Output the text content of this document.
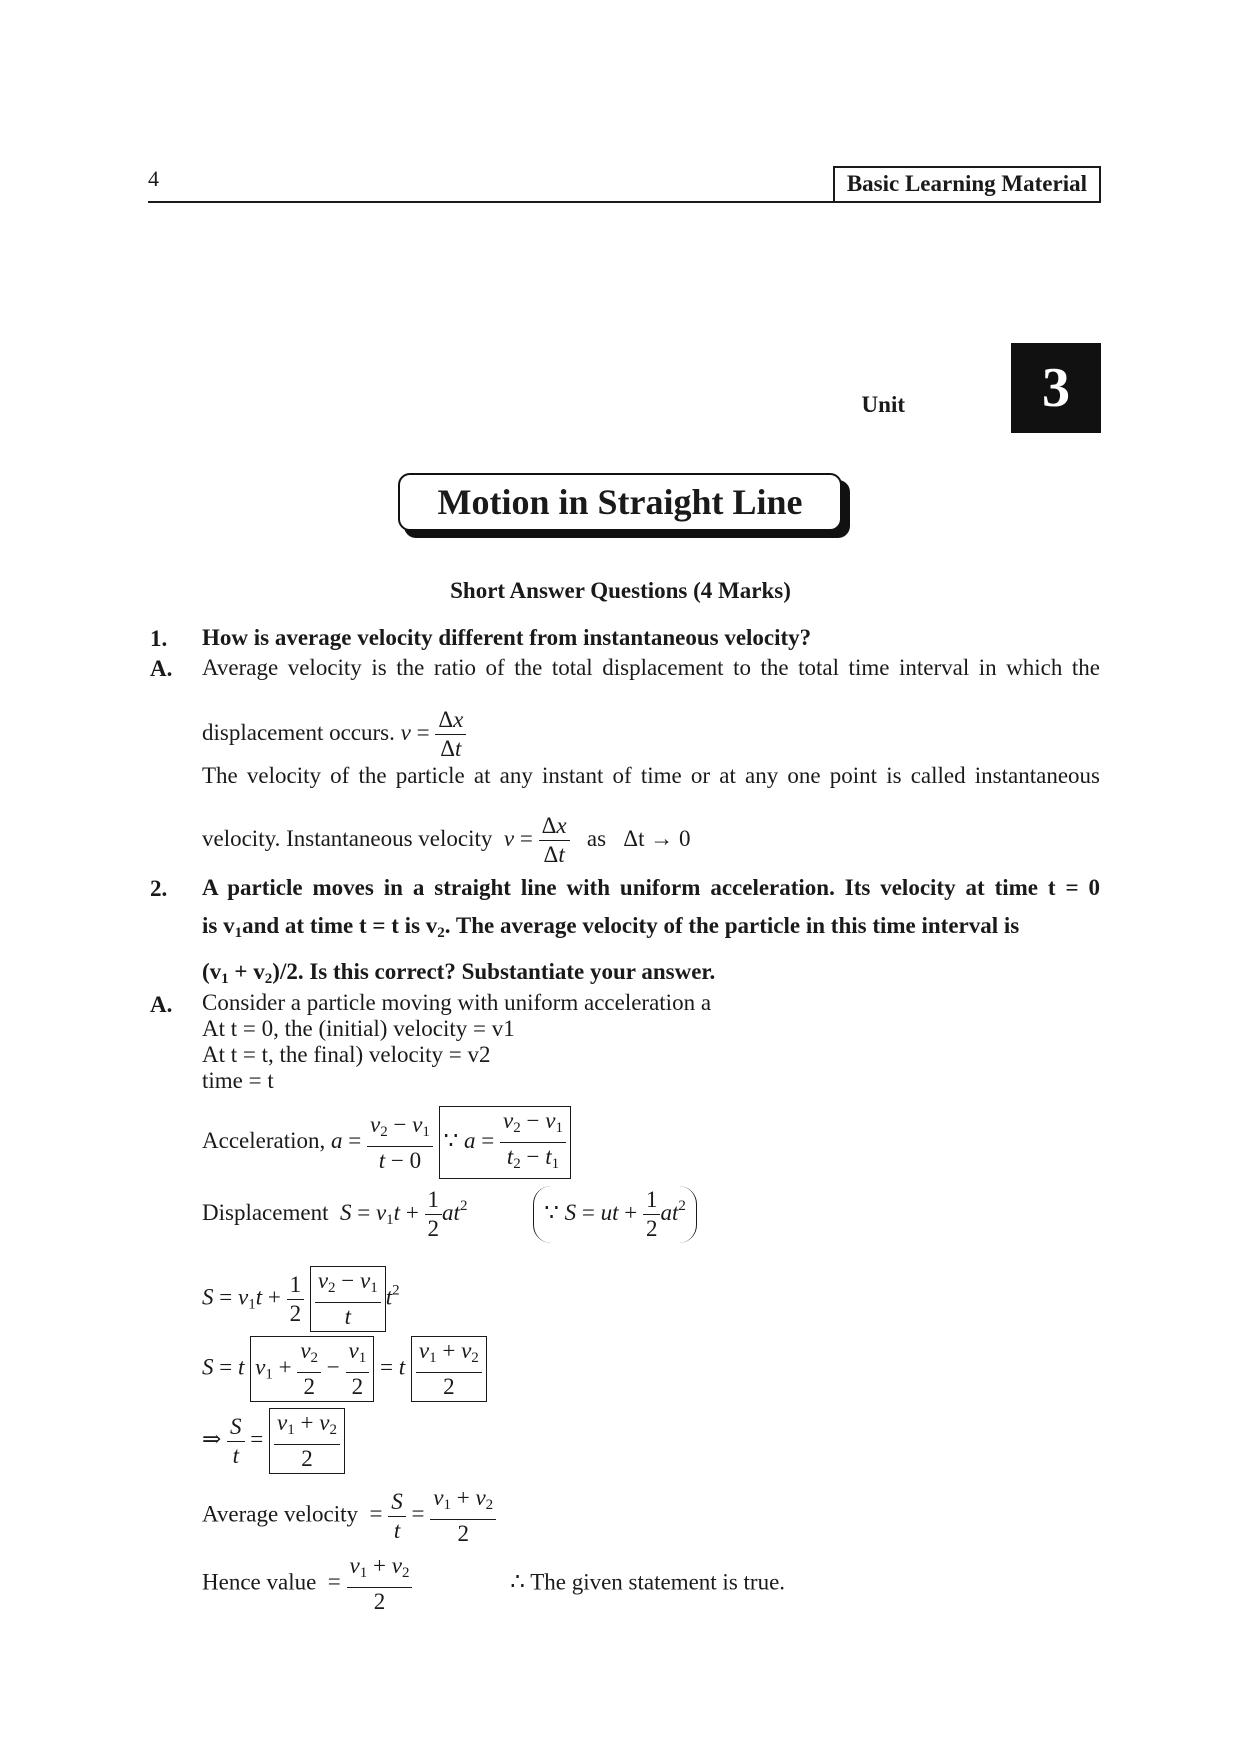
4	Basic Learning Material
Unit	3
Motion in Straight Line
Short Answer Questions (4 Marks)
1. How is average velocity different from instantaneous velocity?
A. Average velocity is the ratio of the total displacement to the total time interval in which the
displacement occurs. $v = \frac{\Delta x}{\Delta t}$
The velocity of the particle at any instant of time or at any one point is called instantaneous
velocity. Instantaneous velocity $v = \frac{\Delta x}{\Delta t}$ as Δt → 0
2. A particle moves in a straight line with uniform acceleration. Its velocity at time t = 0
is $v_1and$ at time t = t is $v_2$. The average velocity of the particle in this time interval is
$(v_1 + v_2)/2$. Is this correct? Substantiate your answer.
A. Consider a particle moving with uniform acceleration a
At t = 0, the (initial) velocity = v1
At t = t, the final) velocity = v2
time = t
Acceleration, $a = \frac{v_2 - v_1}{t - 0}$ ∵ $a = \frac{v_2 - v_1}{t_2 - t_1}$
Displacement $S = v_1t + \frac{1}{2} at^2$	∵ S = ut + $\frac{1}{2} at^2$
$S = v_1t + \frac{1}{2}$
$\frac{v_2 - v_1}{t} t^2$
S = t $v_1 + \frac{v_2}{2} - \frac{v_1}{2} = t \frac{v_1 + v_2}{2}$
⇒ $\frac{S}{t} = \frac{v_1 + v_2}{2}$
Average velocity  = $\frac{S}{t} = \frac{v_1 + v_2}{2}$
Hence value  = $\frac{v_1 + v_2}{2}$	∴ The given statement is true.
